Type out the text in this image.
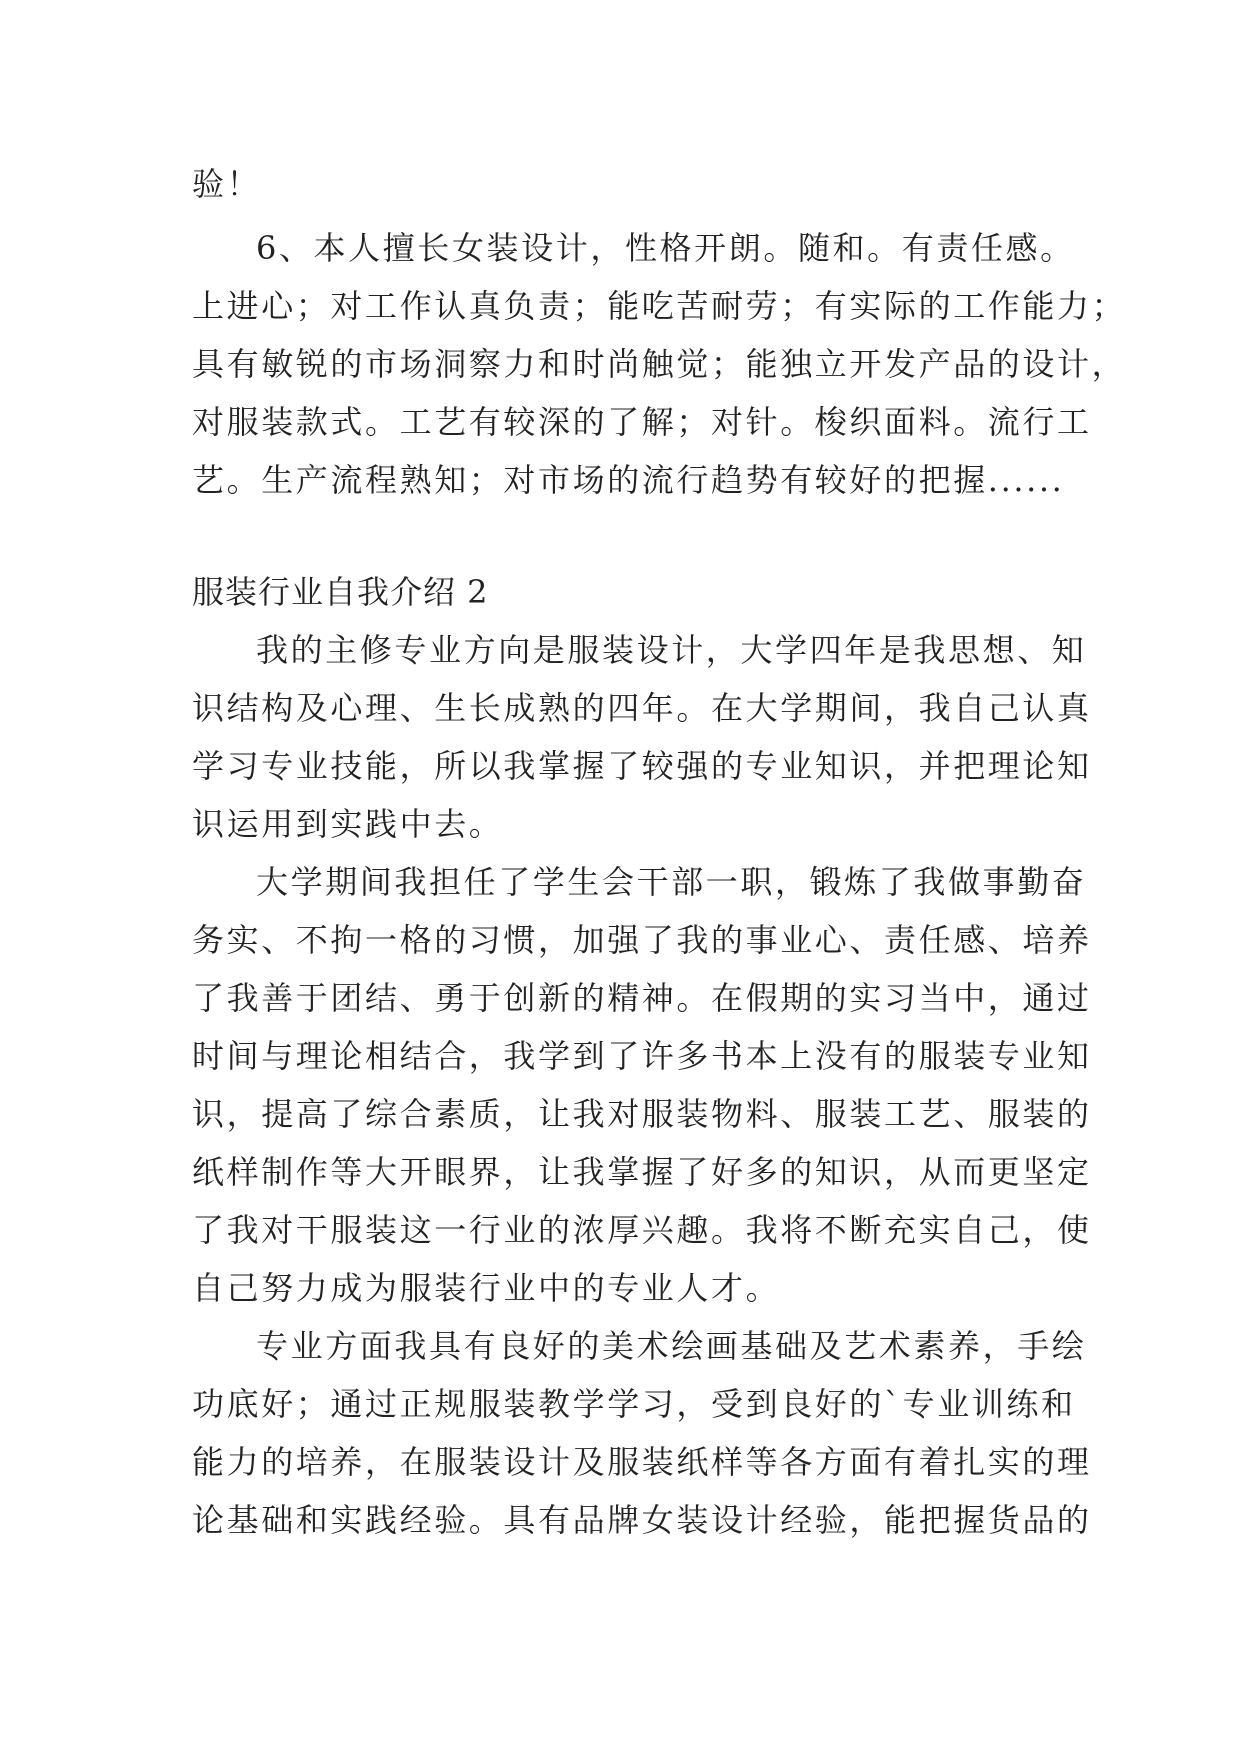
验！
6、本人擅长女装设计，性格开朗。随和。有责任感。
上进心；对工作认真负责；能吃苦耐劳；有实际的工作能力；
具有敏锐的市场洞察力和时尚触觉；能独立开发产品的设计，
对服装款式。工艺有较深的了解；对针。梭织面料。流行工
艺。生产流程熟知；对市场的流行趋势有较好的把握......
服装行业自我介绍 2
我的主修专业方向是服装设计，大学四年是我思想、知
识结构及心理、生长成熟的四年。在大学期间，我自己认真
学习专业技能，所以我掌握了较强的专业知识，并把理论知
识运用到实践中去。
大学期间我担任了学生会干部一职，锻炼了我做事勤奋
务实、不拘一格的习惯，加强了我的事业心、责任感、培养
了我善于团结、勇于创新的精神。在假期的实习当中，通过
时间与理论相结合，我学到了许多书本上没有的服装专业知
识，提高了综合素质，让我对服装物料、服装工艺、服装的
纸样制作等大开眼界，让我掌握了好多的知识，从而更坚定
了我对干服装这一行业的浓厚兴趣。我将不断充实自己，使
自己努力成为服装行业中的专业人才。
专业方面我具有良好的美术绘画基础及艺术素养，手绘
功底好；通过正规服装教学学习，受到良好的`专业训练和
能力的培养，在服装设计及服装纸样等各方面有着扎实的理
论基础和实践经验。具有品牌女装设计经验，能把握货品的
